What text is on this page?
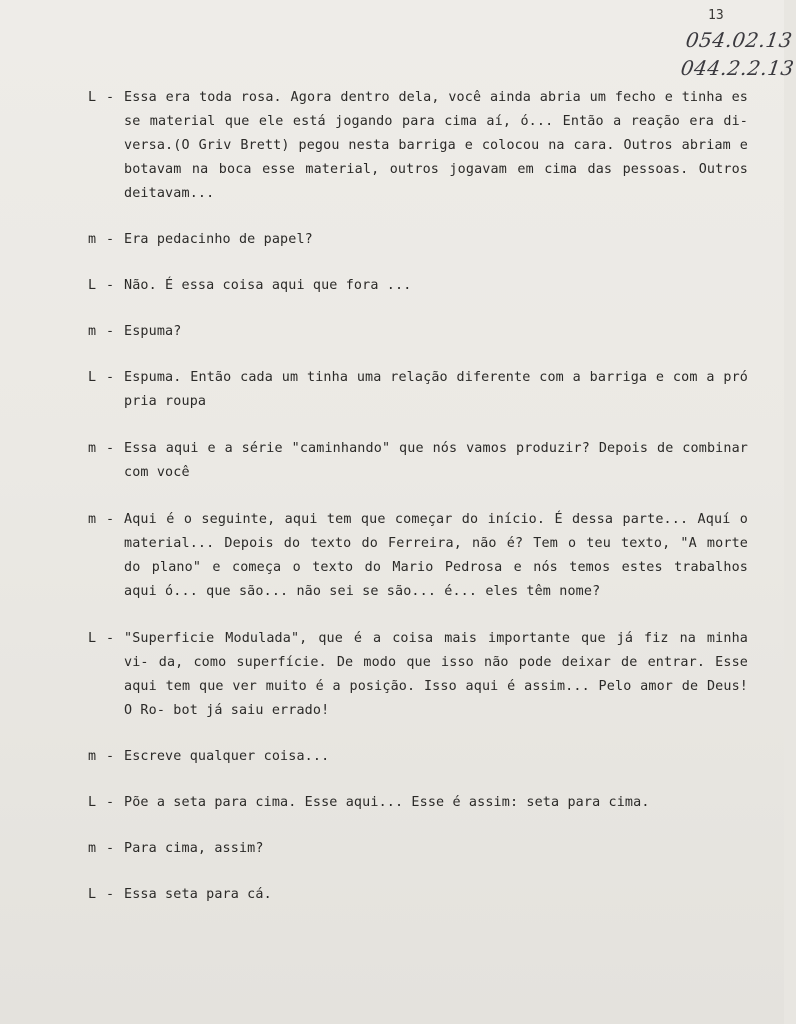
13
054.02.13
044.2.2.13
L - Essa era toda rosa. Agora dentro dela, você ainda abria um fecho e tinha es se material que ele está jogando para cima aí, ó... Então a reação era di- versa.(O Griv Brett) pegou nesta barriga e colocou na cara. Outros abriam e botavam na boca esse material, outros jogavam em cima das pessoas. Outros deitavam...
m - Era pedacinho de papel?
L - Não. É essa coisa aqui que fora ...
m - Espuma?
L - Espuma. Então cada um tinha uma relação diferente com a barriga e com a pró pria roupa
m - Essa aqui e a série "caminhando" que nós vamos produzir? Depois de combinar com você
m - Aqui é o seguinte, aqui tem que começar do início. É dessa parte... Aquí o material... Depois do texto do Ferreira, não é? Tem o teu texto, "A morte do plano" e começa o texto do Mario Pedrosa e nós temos estes trabalhos aqui ó... que são... não sei se são... é... eles têm nome?
L - "Superficie Modulada", que é a coisa mais importante que já fiz na minha vi- da, como superfície. De modo que isso não pode deixar de entrar. Esse aqui tem que ver muito é a posição. Isso aqui é assim... Pelo amor de Deus! O Ro- bot já saiu errado!
m - Escreve qualquer coisa...
L - Põe a seta para cima. Esse aqui... Esse é assim: seta para cima.
m - Para cima, assim?
L - Essa seta para cá.
